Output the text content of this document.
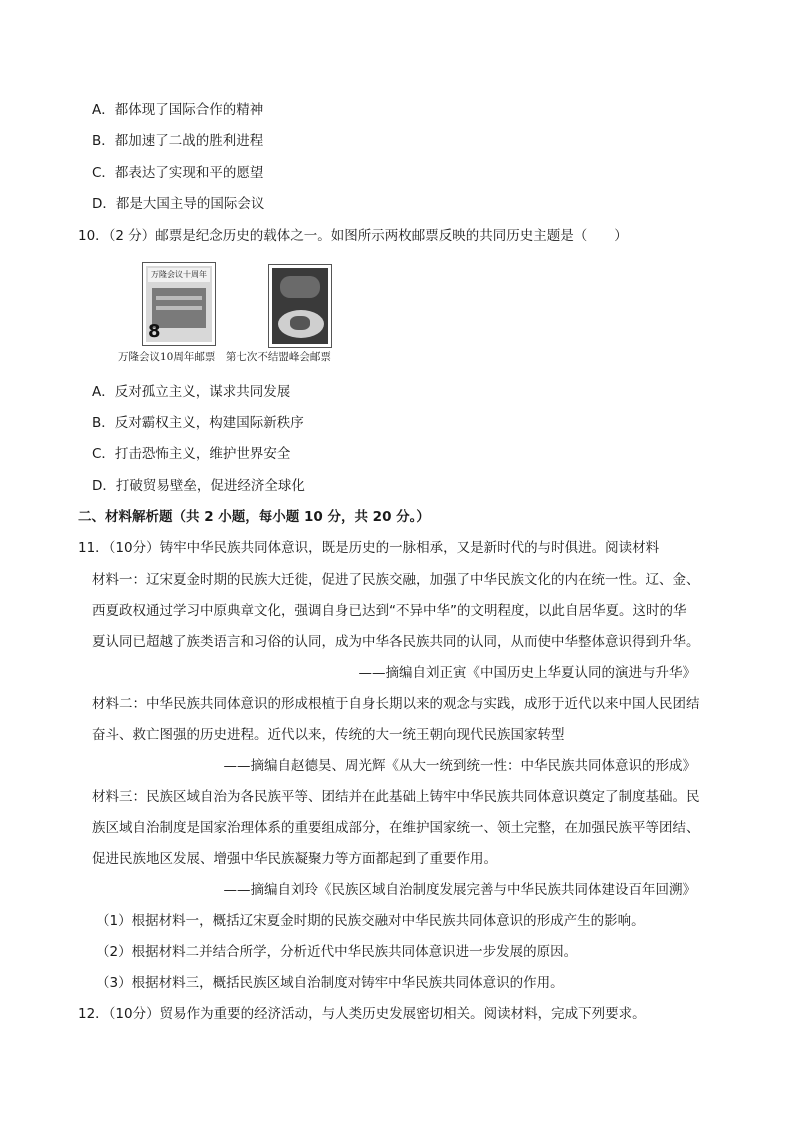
A．都体现了国际合作的精神
B．都加速了二战的胜利进程
C．都表达了实现和平的愿望
D．都是大国主导的国际会议
10．（2 分）邮票是纪念历史的载体之一。如图所示两枚邮票反映的共同历史主题是（　　）
万隆会议十周年
8
万隆会议10周年邮票　第七次不结盟峰会邮票
A．反对孤立主义，谋求共同发展
B．反对霸权主义，构建国际新秩序
C．打击恐怖主义，维护世界安全
D．打破贸易壁垒，促进经济全球化
二、材料解析题（共 2 小题，每小题 10 分，共 20 分。）
11．（10分）铸牢中华民族共同体意识，既是历史的一脉相承，又是新时代的与时俱进。阅读材料
材料一：辽宋夏金时期的民族大迁徙，促进了民族交融，加强了中华民族文化的内在统一性。辽、金、
西夏政权通过学习中原典章文化，强调自身已达到“不异中华”的文明程度，以此自居华夏。这时的华
夏认同已超越了族类语言和习俗的认同，成为中华各民族共同的认同，从而使中华整体意识得到升华。
——摘编自刘正寅《中国历史上华夏认同的演进与升华》
材料二：中华民族共同体意识的形成根植于自身长期以来的观念与实践，成形于近代以来中国人民团结
奋斗、救亡图强的历史进程。近代以来，传统的大一统王朝向现代民族国家转型
——摘编自赵德昊、周光辉《从大一统到统一性：中华民族共同体意识的形成》
材料三：民族区域自治为各民族平等、团结并在此基础上铸牢中华民族共同体意识奠定了制度基础。民
族区域自治制度是国家治理体系的重要组成部分，在维护国家统一、领土完整，在加强民族平等团结、
促进民族地区发展、增强中华民族凝聚力等方面都起到了重要作用。
——摘编自刘玲《民族区域自治制度发展完善与中华民族共同体建设百年回溯》
（1）根据材料一，概括辽宋夏金时期的民族交融对中华民族共同体意识的形成产生的影响。
（2）根据材料二并结合所学，分析近代中华民族共同体意识进一步发展的原因。
（3）根据材料三，概括民族区域自治制度对铸牢中华民族共同体意识的作用。
12．（10分）贸易作为重要的经济活动，与人类历史发展密切相关。阅读材料，完成下列要求。
